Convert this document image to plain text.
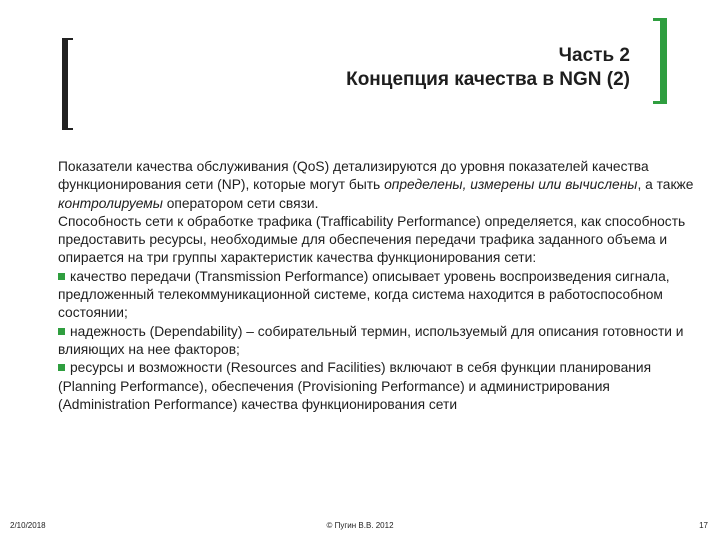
Часть 2
Концепция качества в NGN (2)

Показатели качества обслуживания (QoS) детализируются до уровня показателей качества функционирования сети (NP), которые могут быть определены, измерены или вычислены, а также контролируемы оператором сети связи.

Способность сети к обработке трафика (Trafficability Performance) определяется, как способность предоставить ресурсы, необходимые для обеспечения передачи трафика заданного объема и опирается на три группы характеристик качества функционирования сети:

качество передачи (Transmission Performance) описывает уровень воспроизведения сигнала, предложенный телекоммуникационной системе, когда система находится в работоспособном состоянии;

надежность (Dependability) – собирательный термин, используемый для описания готовности и влияющих на нее факторов;

ресурсы и возможности (Resources and Facilities) включают в себя функции планирования (Planning Performance), обеспечения (Provisioning Performance) и администрирования (Administration Performance) качества функционирования сети

2/10/2018	© Пугин В.В. 2012	17
